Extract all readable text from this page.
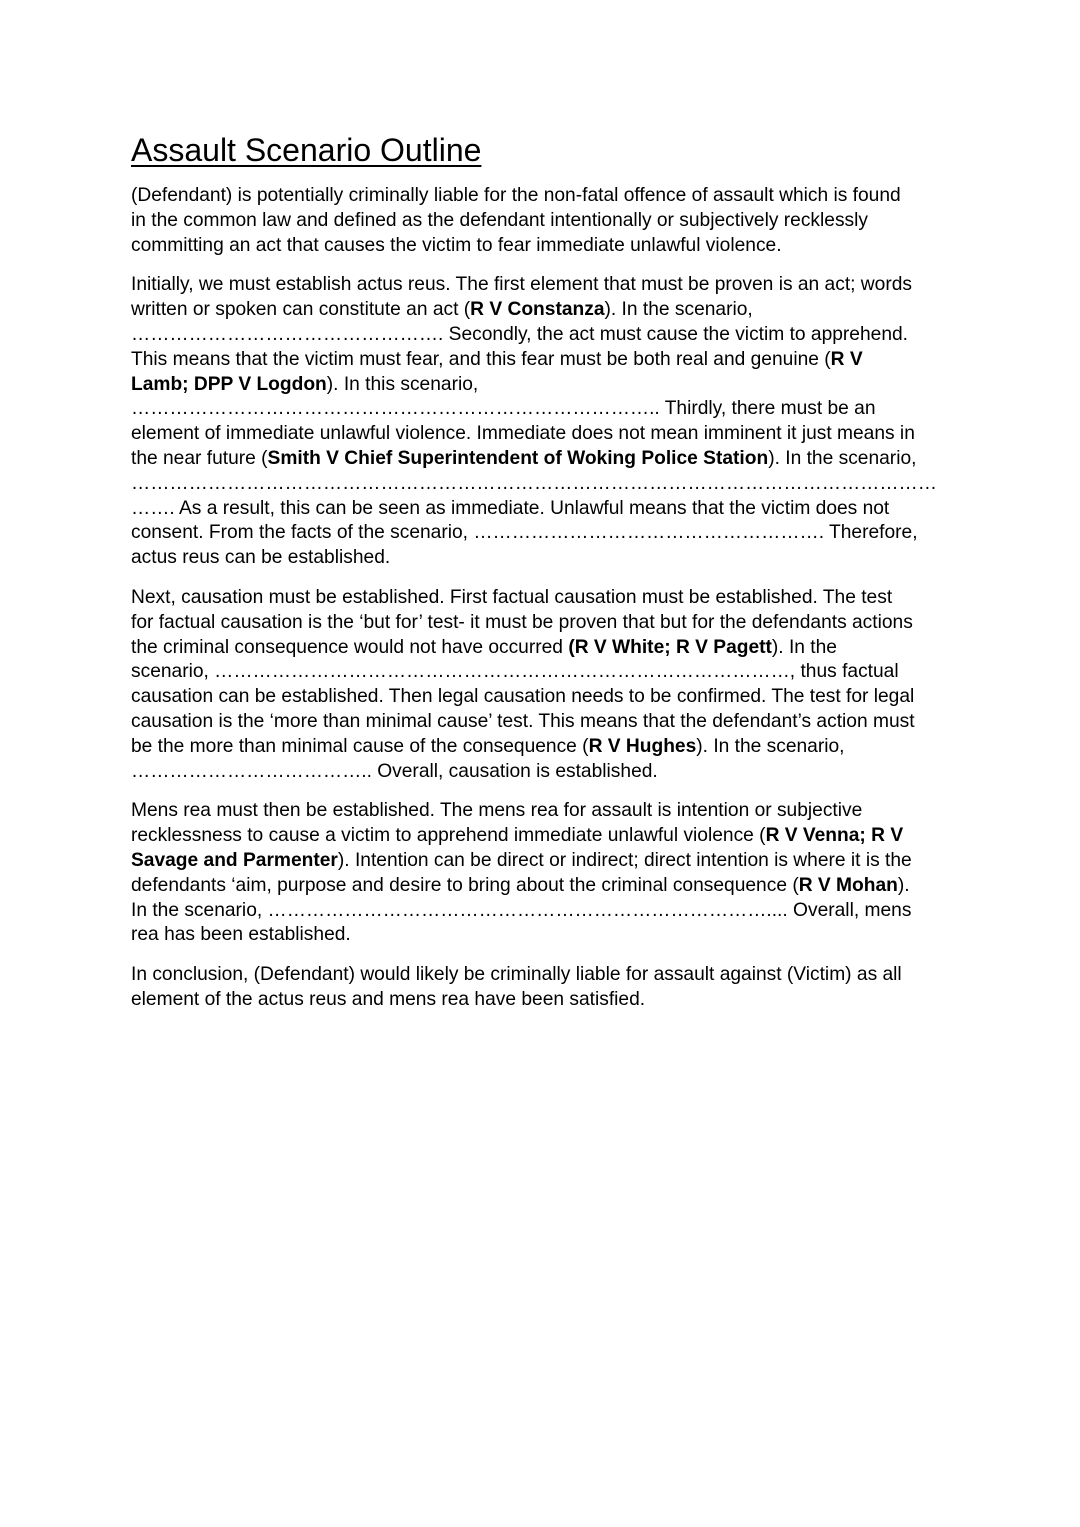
Assault Scenario Outline
(Defendant) is potentially criminally liable for the non-fatal offence of assault which is found
in the common law and defined as the defendant intentionally or subjectively recklessly
committing an act that causes the victim to fear immediate unlawful violence.
Initially, we must establish actus reus. The first element that must be proven is an act; words
written or spoken can constitute an act (R V Constanza). In the scenario,
…………………………………………. Secondly, the act must cause the victim to apprehend.
This means that the victim must fear, and this fear must be both real and genuine (R V
Lamb; DPP V Logdon). In this scenario,
……………………………………………………………………….. Thirdly, there must be an
element of immediate unlawful violence. Immediate does not mean imminent it just means in
the near future (Smith V Chief Superintendent of Woking Police Station). In the scenario,
………………………………………………………………………………………………………………
……. As a result, this can be seen as immediate. Unlawful means that the victim does not
consent. From the facts of the scenario, ………………………………………………. Therefore,
actus reus can be established.
Next, causation must be established. First factual causation must be established. The test
for factual causation is the ‘but for’ test- it must be proven that but for the defendants actions
the criminal consequence would not have occurred (R V White; R V Pagett). In the
scenario, ………………………………………………………………………………, thus factual
causation can be established. Then legal causation needs to be confirmed. The test for legal
causation is the ‘more than minimal cause’ test. This means that the defendant’s action must
be the more than minimal cause of the consequence (R V Hughes). In the scenario,
……………………………….. Overall, causation is established.
Mens rea must then be established. The mens rea for assault is intention or subjective
recklessness to cause a victim to apprehend immediate unlawful violence (R V Venna; R V
Savage and Parmenter). Intention can be direct or indirect; direct intention is where it is the
defendants ‘aim, purpose and desire to bring about the criminal consequence (R V Mohan).
In the scenario, …………………………………………………………………….... Overall, mens
rea has been established.
In conclusion, (Defendant) would likely be criminally liable for assault against (Victim) as all
element of the actus reus and mens rea have been satisfied.
